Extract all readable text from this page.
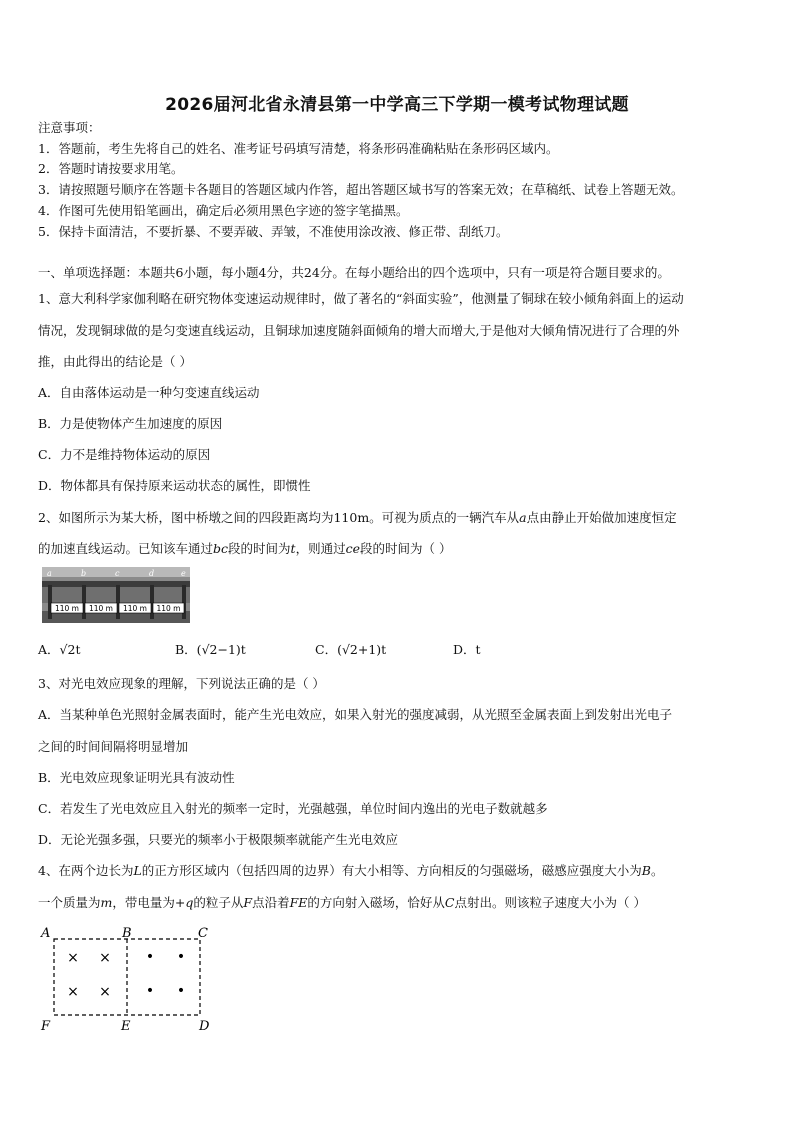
2026届河北省永清县第一中学高三下学期一模考试物理试题
注意事项：
1．答题前，考生先将自己的姓名、准考证号码填写清楚，将条形码准确粘贴在条形码区域内。
2．答题时请按要求用笔。
3．请按照题号顺序在答题卡各题目的答题区域内作答，超出答题区域书写的答案无效；在草稿纸、试卷上答题无效。
4．作图可先使用铅笔画出，确定后必须用黑色字迹的签字笔描黑。
5．保持卡面清洁，不要折暴、不要弄破、弄皱，不准使用涂改液、修正带、刮纸刀。
一、单项选择题：本题共6小题，每小题4分，共24分。在每小题给出的四个选项中，只有一项是符合题目要求的。
1、意大利科学家伽利略在研究物体变速运动规律时，做了著名的“斜面实验”，他测量了铜球在较小倾角斜面上的运动
情况，发现铜球做的是匀变速直线运动，且铜球加速度随斜面倾角的增大而增大,于是他对大倾角情况进行了合理的外
推，由此得出的结论是（ ）
A．自由落体运动是一种匀变速直线运动
B．力是使物体产生加速度的原因
C．力不是维持物体运动的原因
D．物体都具有保持原来运动状态的属性，即惯性
2、如图所示为某大桥，图中桥墩之间的四段距离均为110m。可视为质点的一辆汽车从a点由静止开始做加速度恒定
的加速直线运动。已知该车通过bc段的时间为t，则通过ce段的时间为（ ）
a	b	c	d	e
110 m 110 m 110 m 110 m
A．√2t	B．(√2−1)t	C．(√2+1)t	D．t
3、对光电效应现象的理解，下列说法正确的是（ ）
A．当某种单色光照射金属表面时，能产生光电效应，如果入射光的强度减弱，从光照至金属表面上到发射出光电子
之间的时间间隔将明显增加
B．光电效应现象证明光具有波动性
C．若发生了光电效应且入射光的频率一定时，光强越强，单位时间内逸出的光电子数就越多
D．无论光强多强，只要光的频率小于极限频率就能产生光电效应
4、在两个边长为L的正方形区域内（包括四周的边界）有大小相等、方向相反的匀强磁场，磁感应强度大小为B。
一个质量为m，带电量为+q的粒子从F点沿着FE的方向射入磁场，恰好从C点射出。则该粒子速度大小为（ ）
A	B	C
D
E
F
× ×
× ×
• •
• •
